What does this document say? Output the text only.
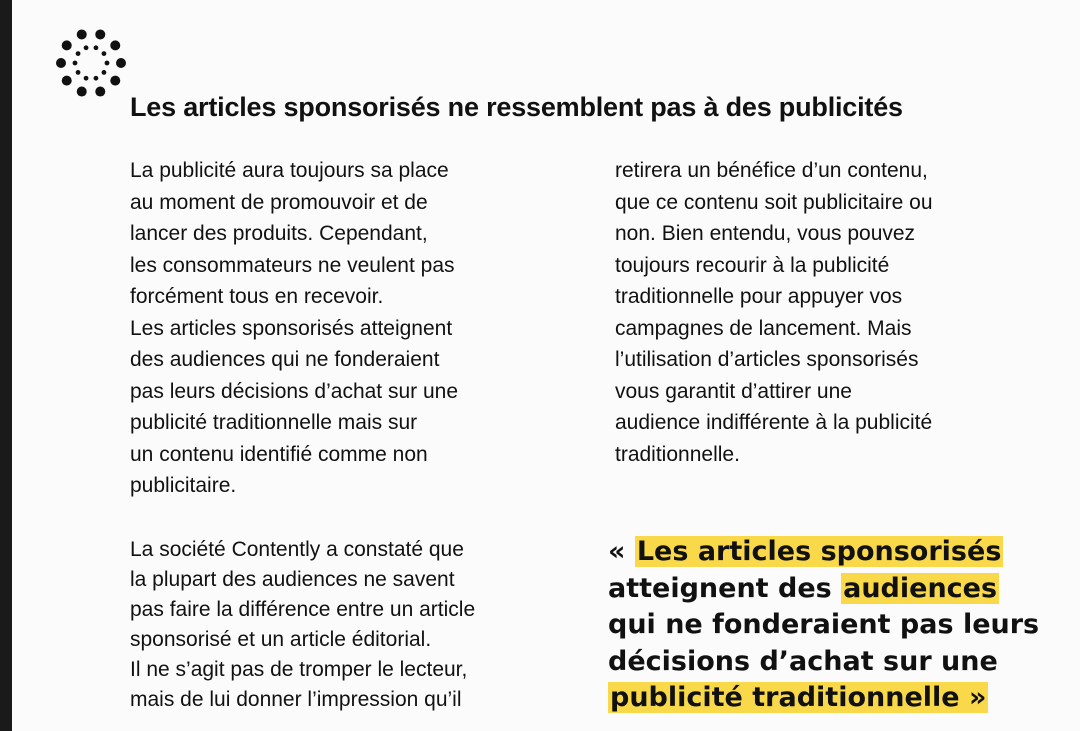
Les articles sponsorisés ne ressemblent pas à des publicités
La publicité aura toujours sa place
au moment de promouvoir et de
lancer des produits. Cependant,
les consommateurs ne veulent pas
forcément tous en recevoir.
Les articles sponsorisés atteignent
des audiences qui ne fonderaient
pas leurs décisions d’achat sur une
publicité traditionnelle mais sur
un contenu identifié comme non
publicitaire.
La société Contently a constaté que
la plupart des audiences ne savent
pas faire la différence entre un article
sponsorisé et un article éditorial.
Il ne s’agit pas de tromper le lecteur,
mais de lui donner l’impression qu’il
retirera un bénéfice d’un contenu,
que ce contenu soit publicitaire ou
non. Bien entendu, vous pouvez
toujours recourir à la publicité
traditionnelle pour appuyer vos
campagnes de lancement. Mais
l’utilisation d’articles sponsorisés
vous garantit d’attirer une
audience indifférente à la publicité
traditionnelle.
« Les articles sponsorisés
atteignent des audiences
qui ne fonderaient pas leurs
décisions d’achat sur une
publicité traditionnelle »
